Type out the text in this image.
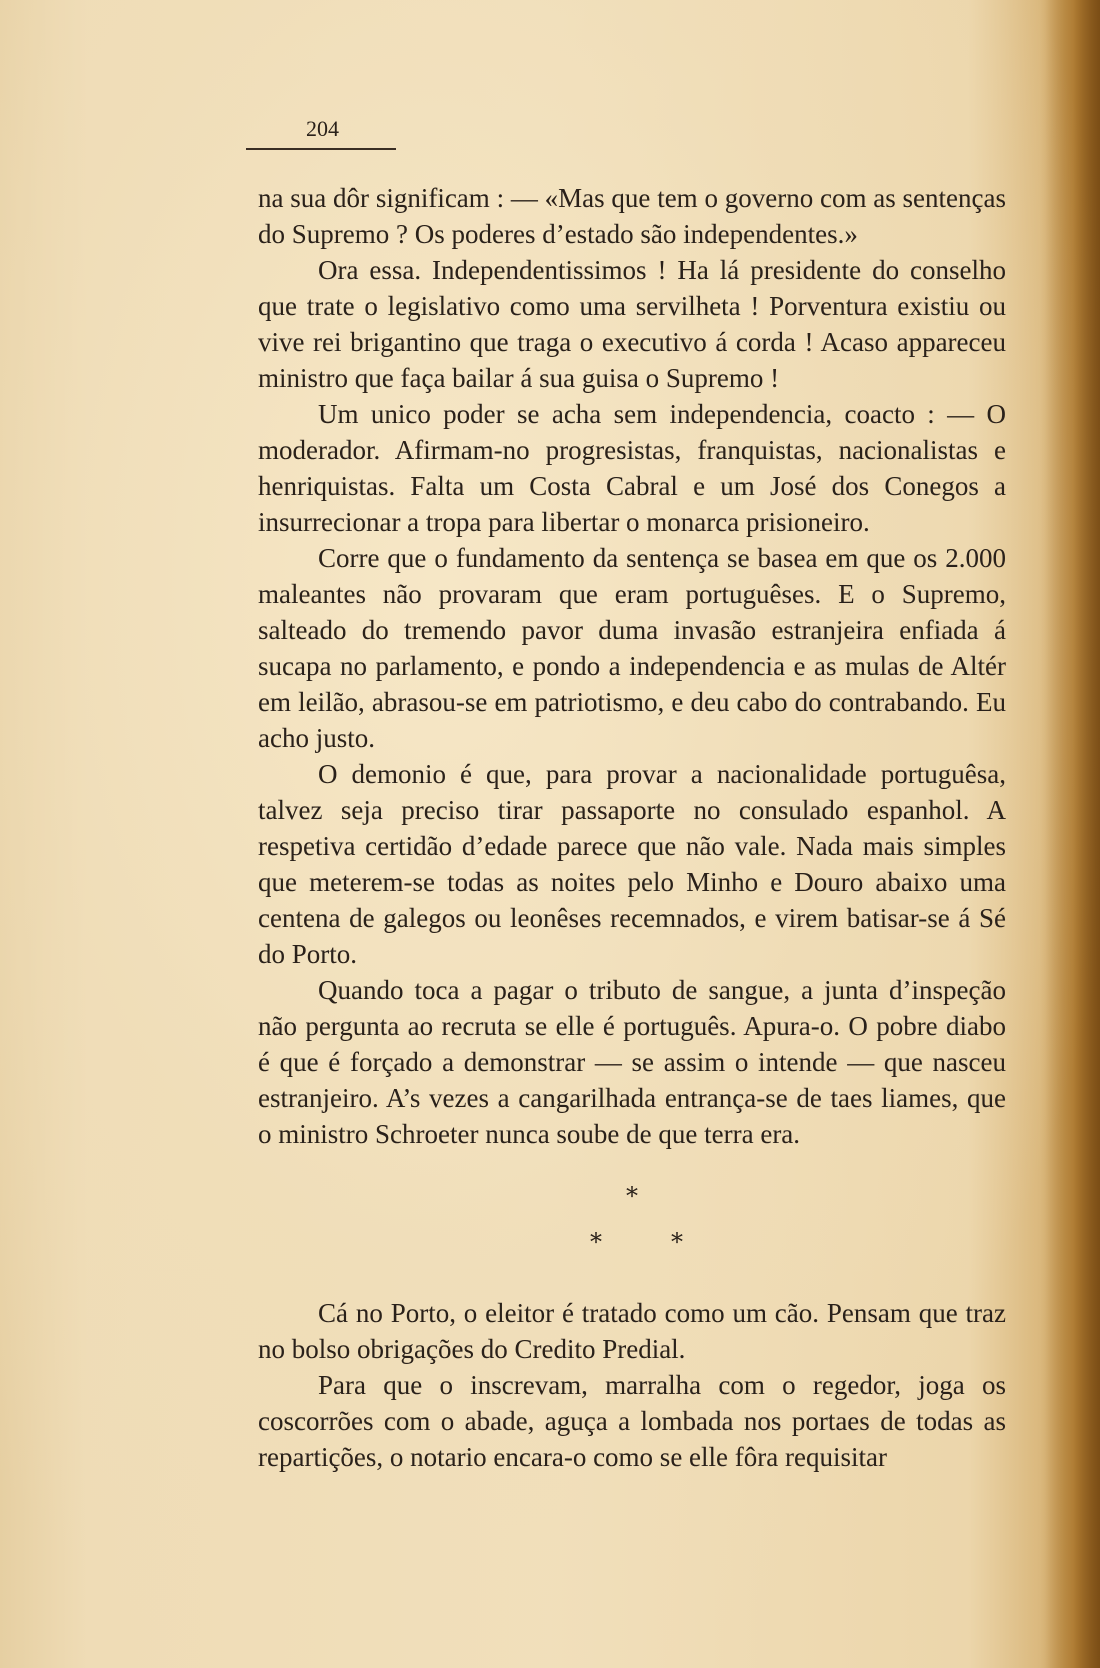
204

na sua dôr significam : — «Mas que tem o governo com as sentenças do Supremo ? Os poderes d’estado são independentes.»

Ora essa. Independentissimos ! Ha lá presidente do conselho que trate o legislativo como uma servilheta ! Porventura existiu ou vive rei brigantino que traga o executivo á corda ! Acaso appareceu ministro que faça bailar á sua guisa o Supremo !

Um unico poder se acha sem independencia, coacto : — O moderador. Afirmam-no progresistas, franquistas, nacionalistas e henriquistas. Falta um Costa Cabral e um José dos Conegos a insurrecionar a tropa para libertar o monarca prisioneiro.

Corre que o fundamento da sentença se basea em que os 2.000 maleantes não provaram que eram portuguêses. E o Supremo, salteado do tremendo pavor duma invasão estranjeira enfiada á sucapa no parlamento, e pondo a independencia e as mulas de Altér em leilão, abrasou-se em patriotismo, e deu cabo do contrabando. Eu acho justo.

O demonio é que, para provar a nacionalidade portuguêsa, talvez seja preciso tirar passaporte no consulado espanhol. A respetiva certidão d’edade parece que não vale. Nada mais simples que meterem-se todas as noites pelo Minho e Douro abaixo uma centena de galegos ou leonêses recemnados, e virem batisar-se á Sé do Porto.

Quando toca a pagar o tributo de sangue, a junta d’inspeção não pergunta ao recruta se elle é português. Apura-o. O pobre diabo é que é forçado a demonstrar — se assim o intende — que nasceu estranjeiro. A’s vezes a cangarilhada entrança-se de taes liames, que o ministro Schroeter nunca soube de que terra era.

*
*	*

Cá no Porto, o eleitor é tratado como um cão. Pensam que traz no bolso obrigações do Credito Predial.

Para que o inscrevam, marralha com o regedor, joga os coscorrões com o abade, aguça a lombada nos portaes de todas as repartições, o notario encara-o como se elle fôra requisitar
